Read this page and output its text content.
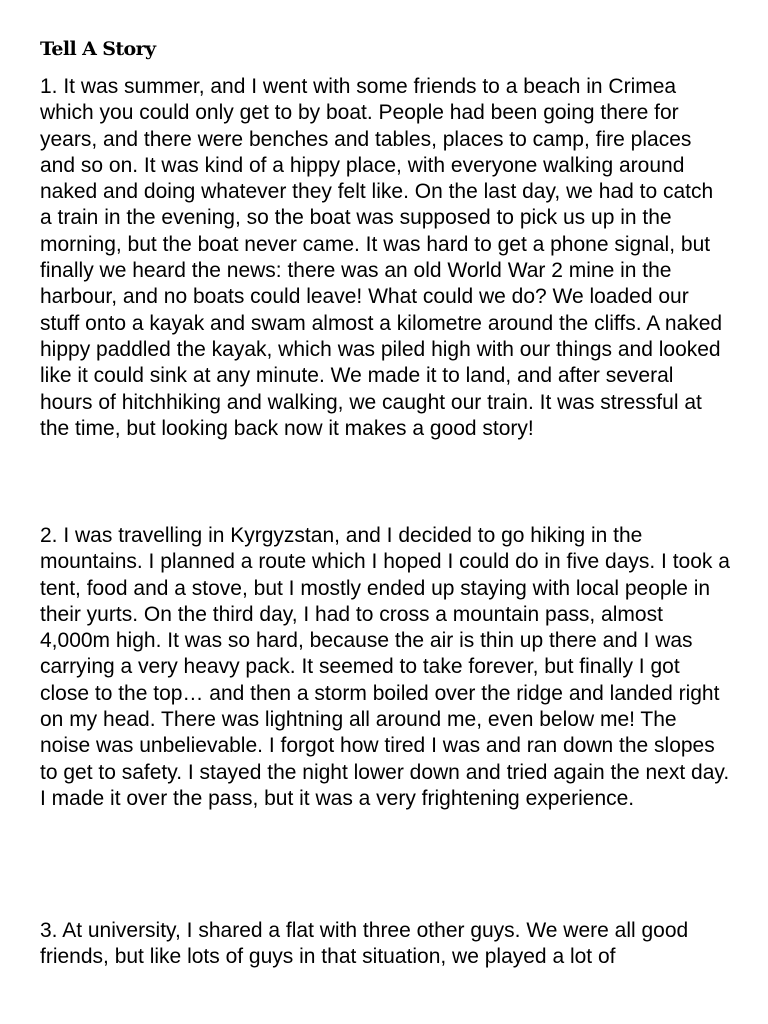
Tell A Story

1. It was summer, and I went with some friends to a beach in Crimea which you could only get to by boat. People had been going there for years, and there were benches and tables, places to camp, fire places and so on. It was kind of a hippy place, with everyone walking around naked and doing whatever they felt like. On the last day, we had to catch a train in the evening, so the boat was supposed to pick us up in the morning, but the boat never came. It was hard to get a phone signal, but finally we heard the news: there was an old World War 2 mine in the harbour, and no boats could leave! What could we do? We loaded our stuff onto a kayak and swam almost a kilometre around the cliffs. A naked hippy paddled the kayak, which was piled high with our things and looked like it could sink at any minute. We made it to land, and after several hours of hitchhiking and walking, we caught our train. It was stressful at the time, but looking back now it makes a good story!

2. I was travelling in Kyrgyzstan, and I decided to go hiking in the mountains. I planned a route which I hoped I could do in five days. I took a tent, food and a stove, but I mostly ended up staying with local people in their yurts. On the third day, I had to cross a mountain pass, almost 4,000m high. It was so hard, because the air is thin up there and I was carrying a very heavy pack. It seemed to take forever, but finally I got close to the top… and then a storm boiled over the ridge and landed right on my head. There was lightning all around me, even below me! The noise was unbelievable. I forgot how tired I was and ran down the slopes to get to safety. I stayed the night lower down and tried again the next day. I made it over the pass, but it was a very frightening experience.

3. At university, I shared a flat with three other guys. We were all good friends, but like lots of guys in that situation, we played a lot of
